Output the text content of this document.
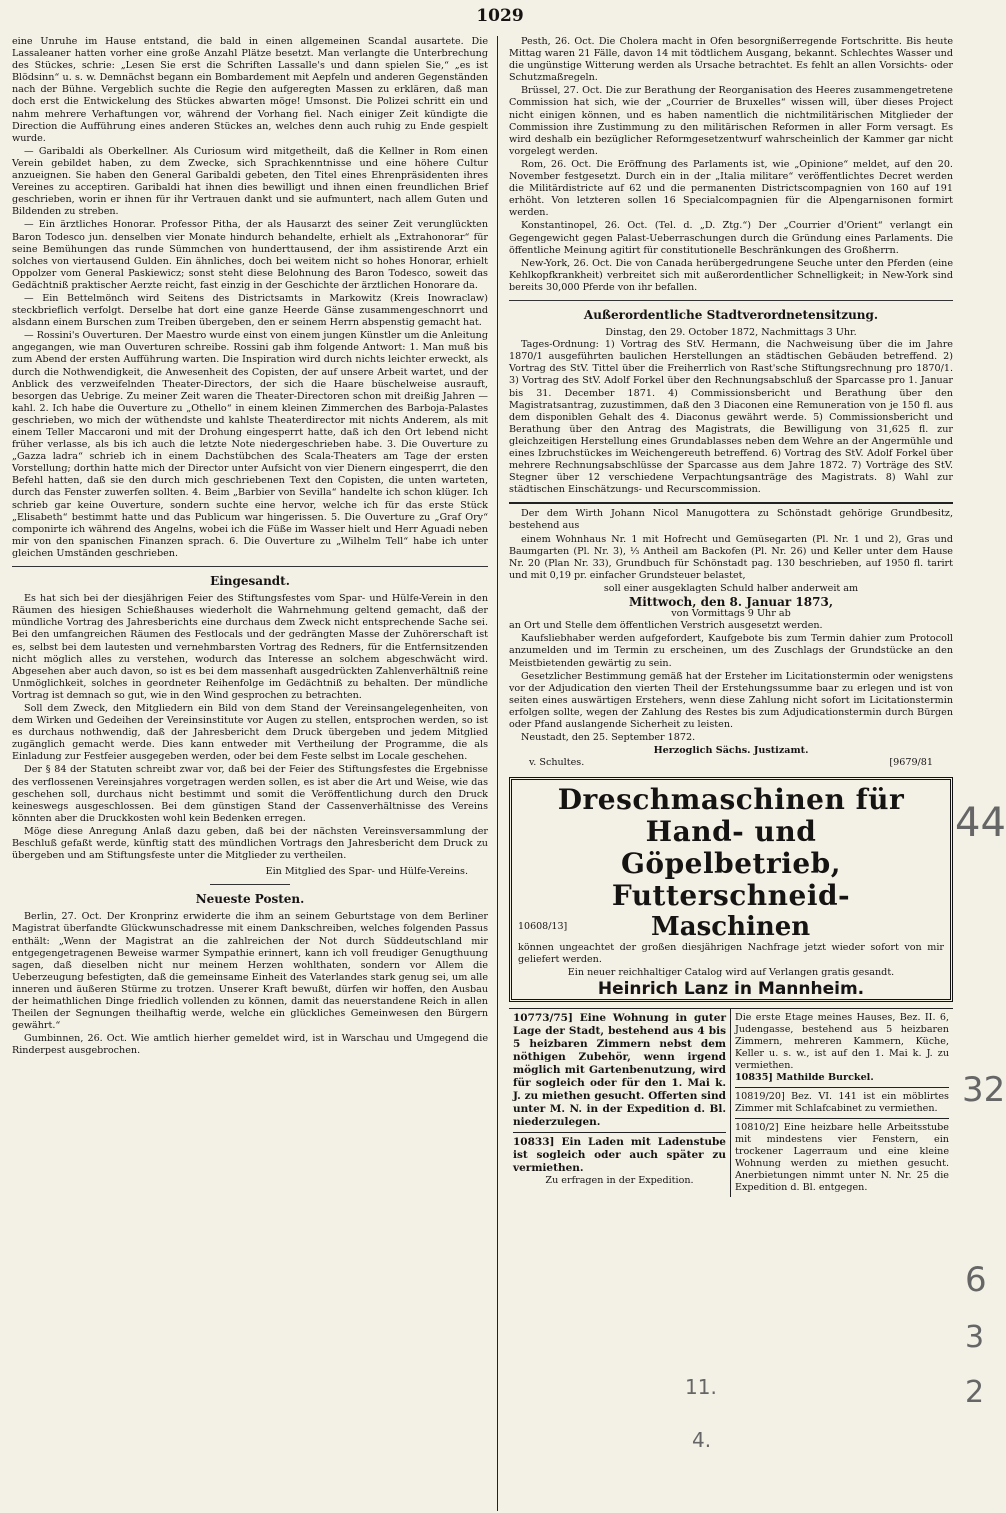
1029

eine Unruhe im Hause entstand, die bald in einen allgemeinen Scandal ausartete. Die Lassaleaner hatten vorher eine große Anzahl Plätze besetzt. Man verlangte die Unterbrechung des Stückes, schrie: „Lesen Sie erst die Schriften Lassalle's und dann spielen Sie,“ „es ist Blödsinn“ u. s. w. Demnächst begann ein Bombardement mit Aepfeln und anderen Gegenständen nach der Bühne. Vergeblich suchte die Regie den aufgeregten Massen zu erklären, daß man doch erst die Entwickelung des Stückes abwarten möge! Umsonst. Die Polizei schritt ein und nahm mehrere Verhaftungen vor, während der Vorhang fiel. Nach einiger Zeit kündigte die Direction die Aufführung eines anderen Stückes an, welches denn auch ruhig zu Ende gespielt wurde.

— Garibaldi als Oberkellner. Als Curiosum wird mitgetheilt, daß die Kellner in Rom einen Verein gebildet haben, zu dem Zwecke, sich Sprachkenntnisse und eine höhere Cultur anzueignen. Sie haben den General Garibaldi gebeten, den Titel eines Ehrenpräsidenten ihres Vereines zu acceptiren. Garibaldi hat ihnen dies bewilligt und ihnen einen freundlichen Brief geschrieben, worin er ihnen für ihr Vertrauen dankt und sie aufmuntert, nach allem Guten und Bildenden zu streben.

— Ein ärztliches Honorar. Professor Pitha, der als Hausarzt des seiner Zeit verunglückten Baron Todesco jun. denselben vier Monate hindurch behandelte, erhielt als „Extrahonorar“ für seine Bemühungen das runde Sümmchen von hunderttausend, der ihm assistirende Arzt ein solches von viertausend Gulden. Ein ähnliches, doch bei weitem nicht so hohes Honorar, erhielt Oppolzer vom General Paskiewicz; sonst steht diese Belohnung des Baron Todesco, soweit das Gedächtniß praktischer Aerzte reicht, fast einzig in der Geschichte der ärztlichen Honorare da.

— Ein Bettelmönch wird Seitens des Districtsamts in Markowitz (Kreis Inowraclaw) steckbrieflich verfolgt. Derselbe hat dort eine ganze Heerde Gänse zusammengeschnorrt und alsdann einem Burschen zum Treiben übergeben, den er seinem Herrn abspenstig gemacht hat.

— Rossini's Ouverturen. Der Maestro wurde einst von einem jungen Künstler um die Anleitung angegangen, wie man Ouverturen schreibe. Rossini gab ihm folgende Antwort: 1. Man muß bis zum Abend der ersten Aufführung warten. Die Inspiration wird durch nichts leichter erweckt, als durch die Nothwendigkeit, die Anwesenheit des Copisten, der auf unsere Arbeit wartet, und der Anblick des verzweifelnden Theater-Directors, der sich die Haare büschelweise ausrauft, besorgen das Uebrige. Zu meiner Zeit waren die Theater-Directoren schon mit dreißig Jahren — kahl. 2. Ich habe die Ouverture zu „Othello“ in einem kleinen Zimmerchen des Barboja-Palastes geschrieben, wo mich der wüthendste und kahlste Theaterdirector mit nichts Anderem, als mit einem Teller Maccaroni und mit der Drohung eingesperrt hatte, daß ich den Ort lebend nicht früher verlasse, als bis ich auch die letzte Note niedergeschrieben habe. 3. Die Ouverture zu „Gazza ladra“ schrieb ich in einem Dachstübchen des Scala-Theaters am Tage der ersten Vorstellung; dorthin hatte mich der Director unter Aufsicht von vier Dienern eingesperrt, die den Befehl hatten, daß sie den durch mich geschriebenen Text den Copisten, die unten warteten, durch das Fenster zuwerfen sollten. 4. Beim „Barbier von Sevilla“ handelte ich schon klüger. Ich schrieb gar keine Ouverture, sondern suchte eine hervor, welche ich für das erste Stück „Elisabeth“ bestimmt hatte und das Publicum war hingerissen. 5. Die Ouverture zu „Graf Ory“ componirte ich während des Angelns, wobei ich die Füße im Wasser hielt und Herr Aguadi neben mir von den spanischen Finanzen sprach. 6. Die Ouverture zu „Wilhelm Tell“ habe ich unter gleichen Umständen geschrieben.

Eingesandt.

Es hat sich bei der diesjährigen Feier des Stiftungsfestes vom Spar- und Hülfe-Verein in den Räumen des hiesigen Schießhauses wiederholt die Wahrnehmung geltend gemacht, daß der mündliche Vortrag des Jahresberichts eine durchaus dem Zweck nicht entsprechende Sache sei. Bei den umfangreichen Räumen des Festlocals und der gedrängten Masse der Zuhörerschaft ist es, selbst bei dem lautesten und vernehmbarsten Vortrag des Redners, für die Entfernsitzenden nicht möglich alles zu verstehen, wodurch das Interesse an solchem abgeschwächt wird. Abgesehen aber auch davon, so ist es bei dem massenhaft ausgedrückten Zahlenverhältniß reine Unmöglichkeit, solches in geordneter Reihenfolge im Gedächtniß zu behalten. Der mündliche Vortrag ist demnach so gut, wie in den Wind gesprochen zu betrachten.

Soll dem Zweck, den Mitgliedern ein Bild von dem Stand der Vereinsangelegenheiten, von dem Wirken und Gedeihen der Vereinsinstitute vor Augen zu stellen, entsprochen werden, so ist es durchaus nothwendig, daß der Jahresbericht dem Druck übergeben und jedem Mitglied zugänglich gemacht werde. Dies kann entweder mit Vertheilung der Programme, die als Einladung zur Festfeier ausgegeben werden, oder bei dem Feste selbst im Locale geschehen.

Der § 84 der Statuten schreibt zwar vor, daß bei der Feier des Stiftungsfestes die Ergebnisse des verflossenen Vereinsjahres vorgetragen werden sollen, es ist aber die Art und Weise, wie das geschehen soll, durchaus nicht bestimmt und somit die Veröffentlichung durch den Druck keineswegs ausgeschlossen. Bei dem günstigen Stand der Cassenverhältnisse des Vereins könnten aber die Druckkosten wohl kein Bedenken erregen.

Möge diese Anregung Anlaß dazu geben, daß bei der nächsten Vereinsversammlung der Beschluß gefaßt werde, künftig statt des mündlichen Vortrags den Jahresbericht dem Druck zu übergeben und am Stiftungsfeste unter die Mitglieder zu vertheilen.

Ein Mitglied des Spar- und Hülfe-Vereins.
Neueste Posten.

Berlin, 27. Oct. Der Kronprinz erwiderte die ihm an seinem Geburtstage von dem Berliner Magistrat überfandte Glückwunschadresse mit einem Dankschreiben, welches folgenden Passus enthält: „Wenn der Magistrat an die zahlreichen der Not durch Süddeutschland mir entgegengetragenen Beweise warmer Sympathie erinnert, kann ich voll freudiger Genugthuung sagen, daß dieselben nicht nur meinem Herzen wohlthaten, sondern vor Allem die Ueberzeugung befestigten, daß die gemeinsame Einheit des Vaterlandes stark genug sei, um alle inneren und äußeren Stürme zu trotzen. Unserer Kraft bewußt, dürfen wir hoffen, den Ausbau der heimathlichen Dinge friedlich vollenden zu können, damit das neuerstandene Reich in allen Theilen der Segnungen theilhaftig werde, welche ein glückliches Gemeinwesen den Bürgern gewährt.“

Gumbinnen, 26. Oct. Wie amtlich hierher gemeldet wird, ist in Warschau und Umgegend die Rinderpest ausgebrochen.

Pesth, 26. Oct. Die Cholera macht in Ofen besorgnißerregende Fortschritte. Bis heute Mittag waren 21 Fälle, davon 14 mit tödtlichem Ausgang, bekannt. Schlechtes Wasser und die ungünstige Witterung werden als Ursache betrachtet. Es fehlt an allen Vorsichts- oder Schutzmaßregeln.

Brüssel, 27. Oct. Die zur Berathung der Reorganisation des Heeres zusammengetretene Commission hat sich, wie der „Courrier de Bruxelles“ wissen will, über dieses Project nicht einigen können, und es haben namentlich die nichtmilitärischen Mitglieder der Commission ihre Zustimmung zu den militärischen Reformen in aller Form versagt. Es wird deshalb ein bezüglicher Reformgesetzentwurf wahrscheinlich der Kammer gar nicht vorgelegt werden.

Rom, 26. Oct. Die Eröffnung des Parlaments ist, wie „Opinione“ meldet, auf den 20. November festgesetzt. Durch ein in der „Italia militare“ veröffentlichtes Decret werden die Militärdistricte auf 62 und die permanenten Districtscompagnien von 160 auf 191 erhöht. Von letzteren sollen 16 Specialcompagnien für die Alpengarnisonen formirt werden.

Konstantinopel, 26. Oct. (Tel. d. „D. Ztg.“) Der „Courrier d'Orient“ verlangt ein Gegengewicht gegen Palast-Ueberraschungen durch die Gründung eines Parlaments. Die öffentliche Meinung agitirt für constitutionelle Beschränkungen des Großherrn.

New-York, 26. Oct. Die von Canada herübergedrungene Seuche unter den Pferden (eine Kehlkopfkrankheit) verbreitet sich mit außerordentlicher Schnelligkeit; in New-York sind bereits 30,000 Pferde von ihr befallen.

Außerordentliche Stadtverordnetensitzung.
Dinstag, den 29. October 1872, Nachmittags 3 Uhr.

Tages-Ordnung: 1) Vortrag des StV. Hermann, die Nachweisung über die im Jahre 1870/1 ausgeführten baulichen Herstellungen an städtischen Gebäuden betreffend. 2) Vortrag des StV. Tittel über die Freiherrlich von Rast'sche Stiftungsrechnung pro 1870/1. 3) Vortrag des StV. Adolf Forkel über den Rechnungsabschluß der Sparcasse pro 1. Januar bis 31. December 1871. 4) Commissionsbericht und Berathung über den Magistratsantrag, zuzustimmen, daß den 3 Diaconen eine Remuneration von je 150 fl. aus dem disponiblen Gehalt des 4. Diaconus gewährt werde. 5) Commissionsbericht und Berathung über den Antrag des Magistrats, die Bewilligung von 31,625 fl. zur gleichzeitigen Herstellung eines Grundablasses neben dem Wehre an der Angermühle und eines Izbruchstückes im Weichengereuth betreffend. 6) Vortrag des StV. Adolf Forkel über mehrere Rechnungsabschlüsse der Sparcasse aus dem Jahre 1872. 7) Vorträge des StV. Stegner über 12 verschiedene Verpachtungsanträge des Magistrats. 8) Wahl zur städtischen Einschätzungs- und Recurscommission.

Der dem Wirth Johann Nicol Manugottera zu Schönstadt gehörige Grundbesitz, bestehend aus

einem Wohnhaus Nr. 1 mit Hofrecht und Gemüsegarten (Pl. Nr. 1 und 2), Gras und Baumgarten (Pl. Nr. 3), ⅓ Antheil am Backofen (Pl. Nr. 26) und Keller unter dem Hause Nr. 20 (Plan Nr. 33), Grundbuch für Schönstadt pag. 130 beschrieben, auf 1950 fl. tarirt und mit 0,19 pr. einfacher Grundsteuer belastet,

soll einer ausgeklagten Schuld halber anderweit am

Mittwoch, den 8. Januar 1873,
von Vormittags 9 Uhr ab

an Ort und Stelle dem öffentlichen Verstrich ausgesetzt werden.

Kaufsliebhaber werden aufgefordert, Kaufgebote bis zum Termin dahier zum Protocoll anzumelden und im Termin zu erscheinen, um des Zuschlags der Grundstücke an den Meistbietenden gewärtig zu sein.

Gesetzlicher Bestimmung gemäß hat der Ersteher im Licitationstermin oder wenigstens vor der Adjudication den vierten Theil der Erstehungssumme baar zu erlegen und ist von seiten eines auswärtigen Erstehers, wenn diese Zahlung nicht sofort im Licitationstermin erfolgen sollte, wegen der Zahlung des Restes bis zum Adjudicationstermin durch Bürgen oder Pfand auslangende Sicherheit zu leisten.

Neustadt, den 25. September 1872.

Herzoglich Sächs. Justizamt.
v. Schultes.	[9679/81
Dreschmaschinen für Hand- und
Göpelbetrieb, Futterschneid-
10608/13]	Maschinen
können ungeachtet der großen diesjährigen Nachfrage jetzt wieder sofort von mir geliefert werden.
Ein neuer reichhaltiger Catalog wird auf Verlangen gratis gesandt.
Heinrich Lanz in Mannheim.
10773/75] Eine Wohnung in guter Lage der Stadt, bestehend aus 4 bis 5 heizbaren Zimmern nebst dem nöthigen Zubehör, wenn irgend möglich mit Gartenbenutzung, wird für sogleich oder für den 1. Mai k. J. zu miethen gesucht. Offerten sind unter M. N. in der Expedition d. Bl. niederzulegen.
10833] Ein Laden mit Ladenstube ist sogleich oder auch später zu vermiethen.
Zu erfragen in der Expedition.
Die erste Etage meines Hauses, Bez. II. 6, Judengasse, bestehend aus 5 heizbaren Zimmern, mehreren Kammern, Küche, Keller u. s. w., ist auf den 1. Mai k. J. zu vermiethen.
10835] Mathilde Burckel.
10819/20] Bez. VI. 141 ist ein möblirtes Zimmer mit Schlafcabinet zu vermiethen.
10810/2] Eine heizbare helle Arbeitsstube mit mindestens vier Fenstern, ein trockener Lagerraum und eine kleine Wohnung werden zu miethen gesucht. Anerbietungen nimmt unter N. Nr. 25 die Expedition d. Bl. entgegen.
44
32
6
3
2
11.
4.
